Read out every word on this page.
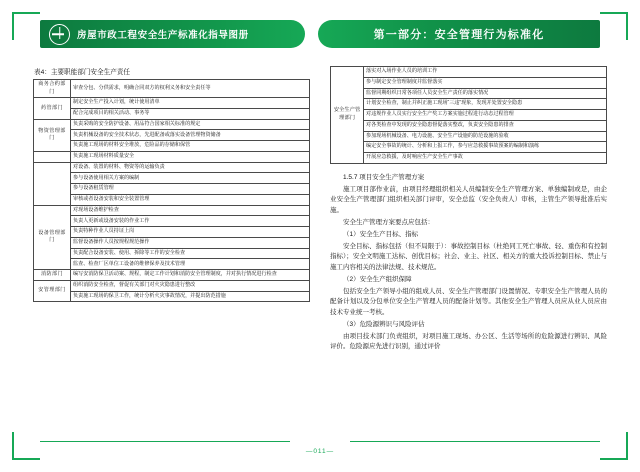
房屋市政工程安全生产标准化指导图册	第一部分：安全管理行为标准化
表4：主要职能部门安全生产责任
商务合约部门	审查分包、分供需求，明确合同双方的权利义务和安全责任等
药管部门	制定安全生产投入计划，统计使用清单
	配合完成项目的相关活动、事务等
物资管理部门	负责采购的安全防护设备、用品符合国家相关标准的规定
	负责机械设备的安全技术状态，先进配备或落实设备管理物资储备
	负责施工现场的材料安全堆放，危险品的存储和保管
	负责施工现场材料质量安全
	对设备、装置的材料、物资等的运输负责
	参与设备使用相关方案的编制
	参与设备租赁管理
	审核或者设备安装和安全装置管理
设备管理部门	对现场设备维护检查
	负责人更新或设备安装的作业工作
	负责特种作业人员持证上岗
	监督设备操作人员按规程规范操作
	负责配合设备安装、使用、拆除等工作的安全检查
	监查、检查厂区单位工设备的维修保养及技术管理
消防部门	编写安消防保卫活动案、规程，制定工作计划和消防安全管理制度，并对执行情况进行检查
安管理部门	组织消防安全检查，督促有关部门对火灾隐患进行整改
	负责施工现场的保卫工作，统计分析火灾事故情况，并提出防范措施
安全生产管理部门	落实对入场作业人员的培训工作
参与制定安全管理制度并监督落实
监督同期组织日常各项任人员安全生产责任的落实情况
计划安全检查，制止并纠正施工现场“三违”现象，发现并处置安全隐患
对违规作业人员实行安全生产奖工方案实施过程进行动态过程管理
对各类检查中发现的安全隐患督促落实整改，负责安全隐患的排查
参加现场机械设备、电力设施、安全生产设施的防范设施的验收
编定安全事故的统计、分析和上报工作，参与应急救援事故预案的编制和演练
开展应急救援，及时响应生产安全生产事故

1.5.7 项目安全生产管理方案

施工项目部作业前，由项目经理组织相关人员编制安全生产管理方案、单独编制或是，由企业安全生产管理部门组织相关部门评审，安全总监（安全负责人）审核，主管生产领导批准后实施。

安全生产管理方案要点应包括：

（1）安全生产目标、指标

安全目标、指标包括（但不局限于）：事故控制目标（杜绝同工死亡事故、轻、重伤和有控制指标）；安全文明施工达标、创优目标；社会、业主、社区、相关方的重大投诉控制目标、禁止与施工内容相关的法律法规、技术规范。

（2）安全生产组织保障

包括安全生产领导小组的组成人员、安全生产管理部门设置情况、专职安全生产管理人员的配备计划以及分包单位安全生产管理人员的配备计划等。其他安全生产管理人员应从业人员应由技术专业统一考核。

（3）危险源辨识与风险评估

由项目技术部门负责组织，对项目施工现场、办公区、生活等场所的危险源进行辨识、风险评价。危险源应先进行识别，通过评价

—011—
